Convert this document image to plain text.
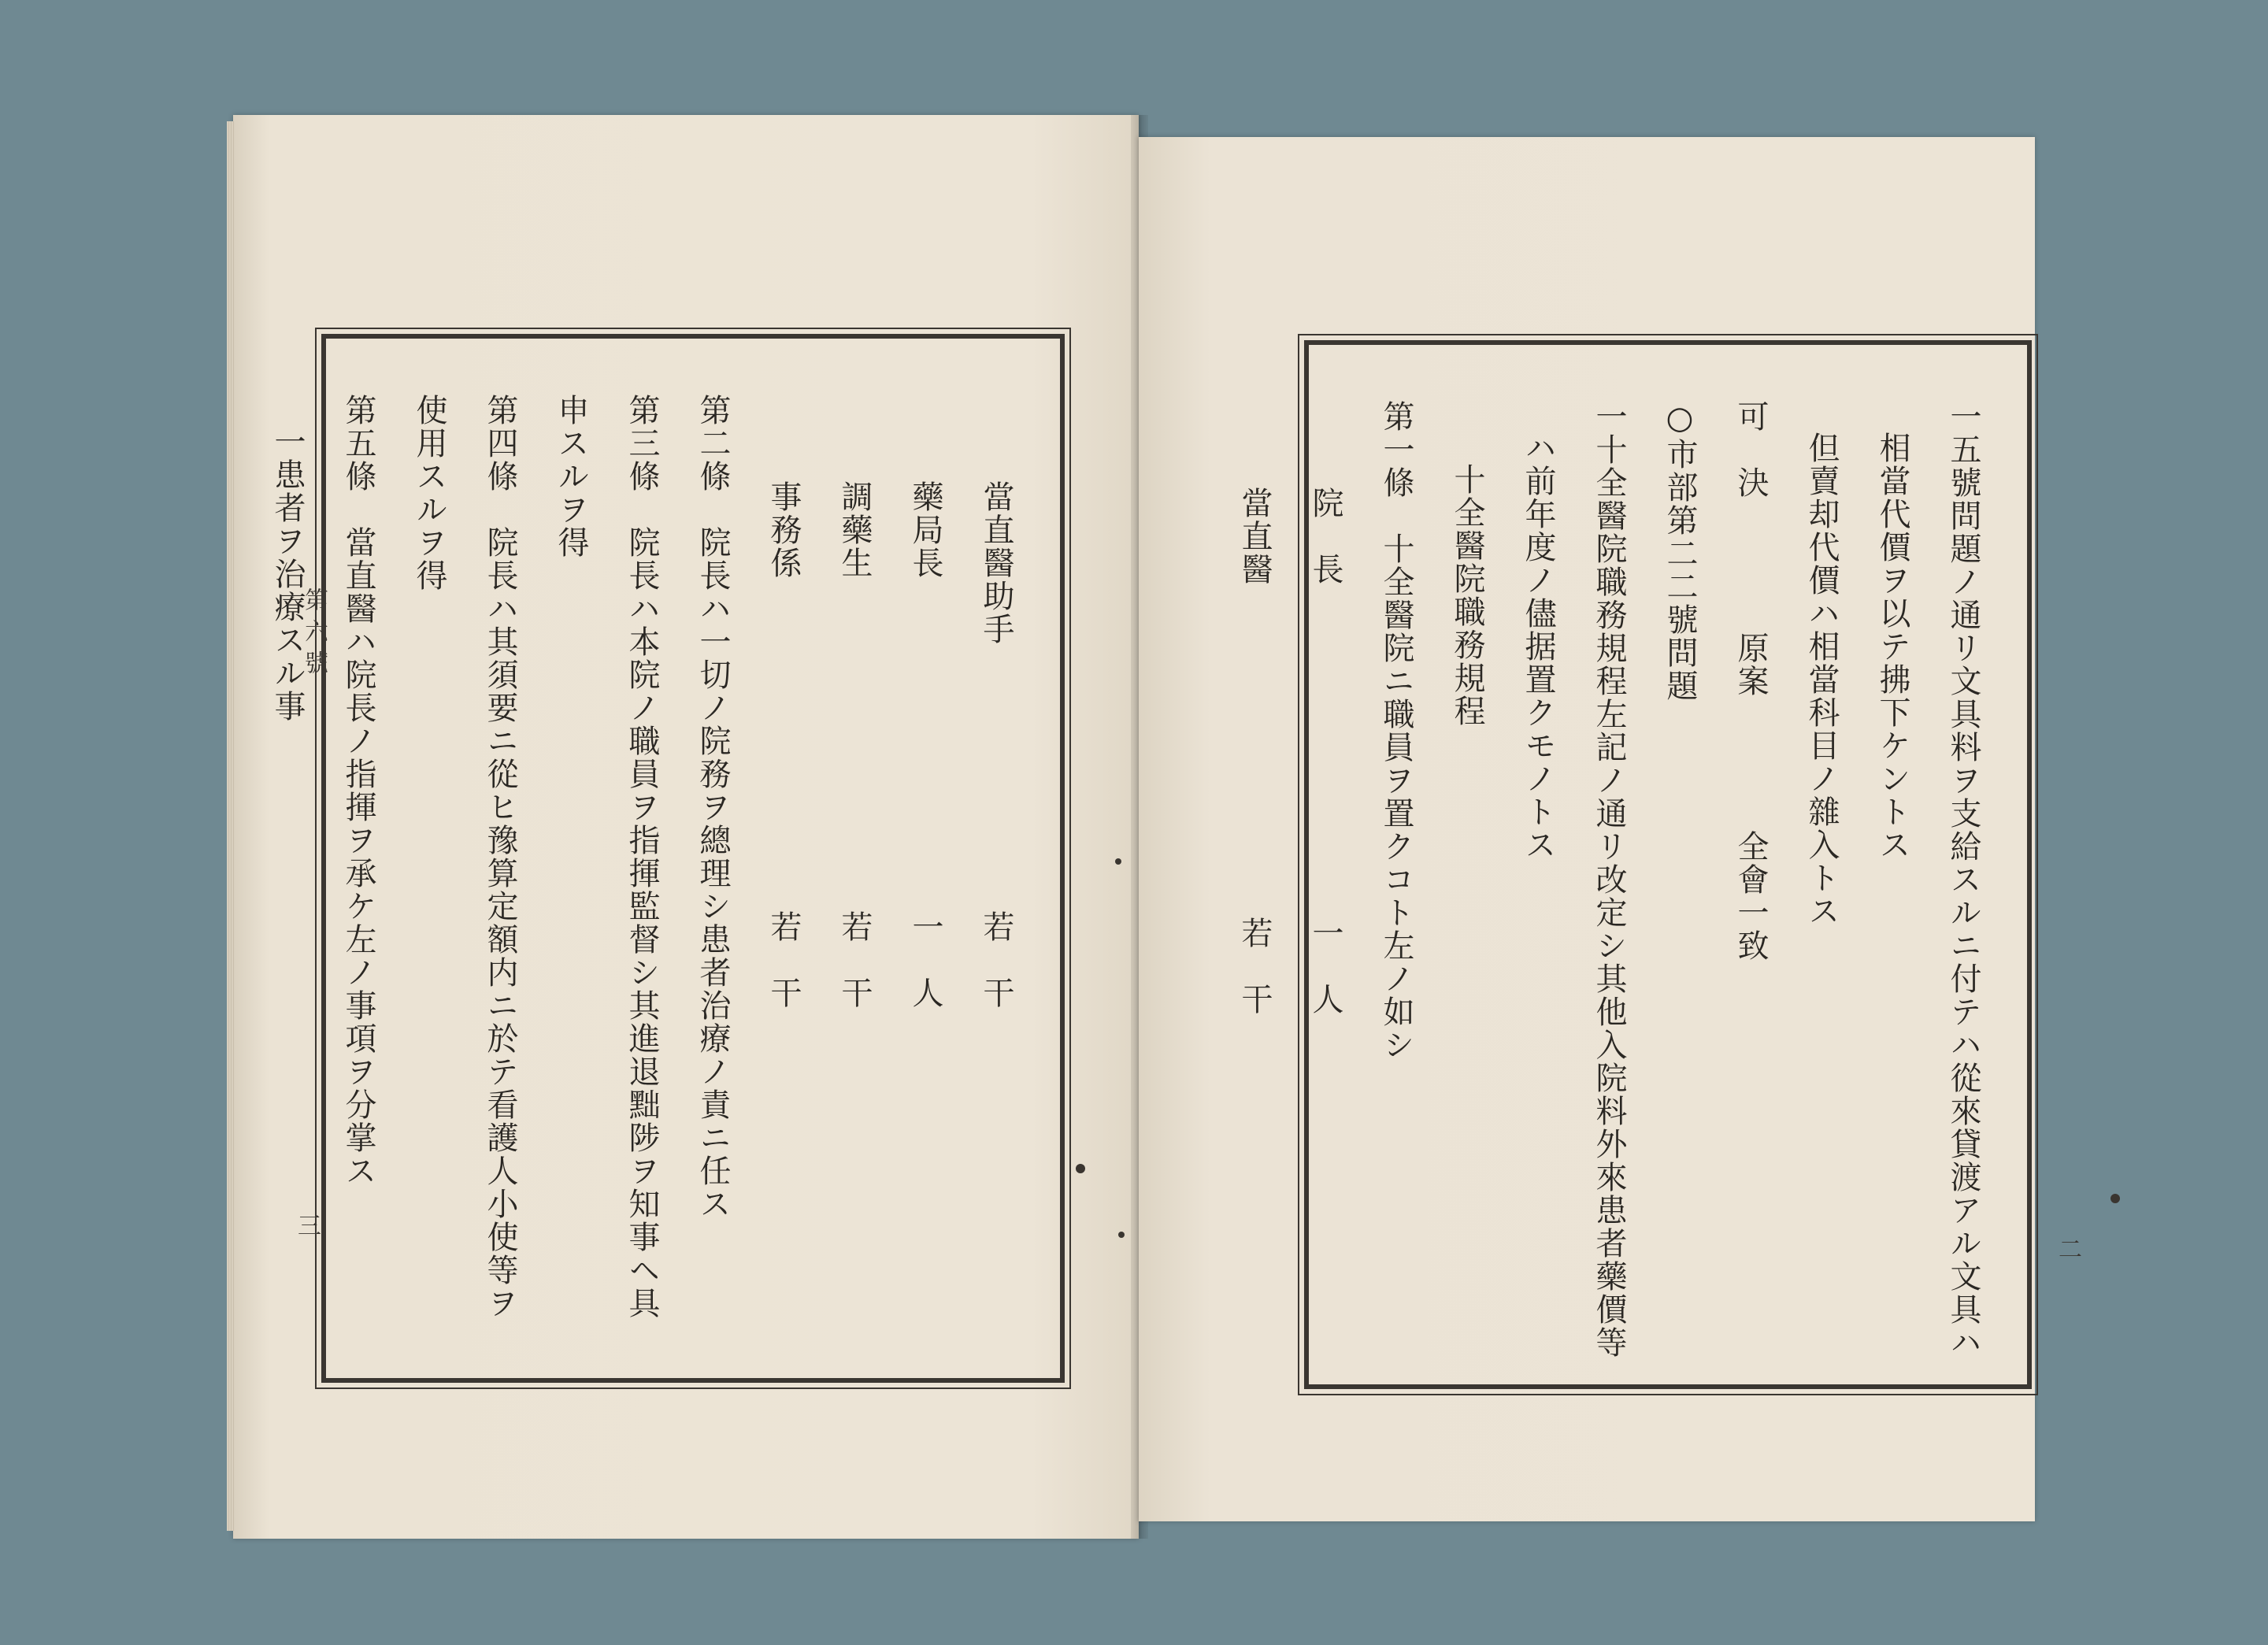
第六號
三
當直醫助手　　　　　　　　若　干
藥局長　　　　　　　　　　一　人
調藥生　　　　　　　　　　若　干
事務係　　　　　　　　　　若　干
第二條　院長ハ一切ノ院務ヲ總理シ患者治療ノ責ニ任ス
第三條　院長ハ本院ノ職員ヲ指揮監督シ其進退黜陟ヲ知事ヘ具
申スルヲ得
第四條　院長ハ其須要ニ從ヒ豫算定額内ニ於テ看護人小使等ヲ
使用スルヲ得
第五條　當直醫ハ院長ノ指揮ヲ承ケ左ノ事項ヲ分掌ス
一患者ヲ治療スル事
二
一五號問題ノ通リ文具料ヲ支給スルニ付テハ從來貸渡アル文具ハ
相當代價ヲ以テ拂下ケントス
但賣却代價ハ相當科目ノ雜入トス
可　決　　　　原案　　　　全會一致
○市部第二二號問題
一十全醫院職務規程左記ノ通リ改定シ其他入院料外來患者藥價等
ハ前年度ノ儘据置クモノトス
十全醫院職務規程
第一條　十全醫院ニ職員ヲ置クコト左ノ如シ
院　長　　　　　　　　　　一　人
當直醫　　　　　　　　　　若　干
